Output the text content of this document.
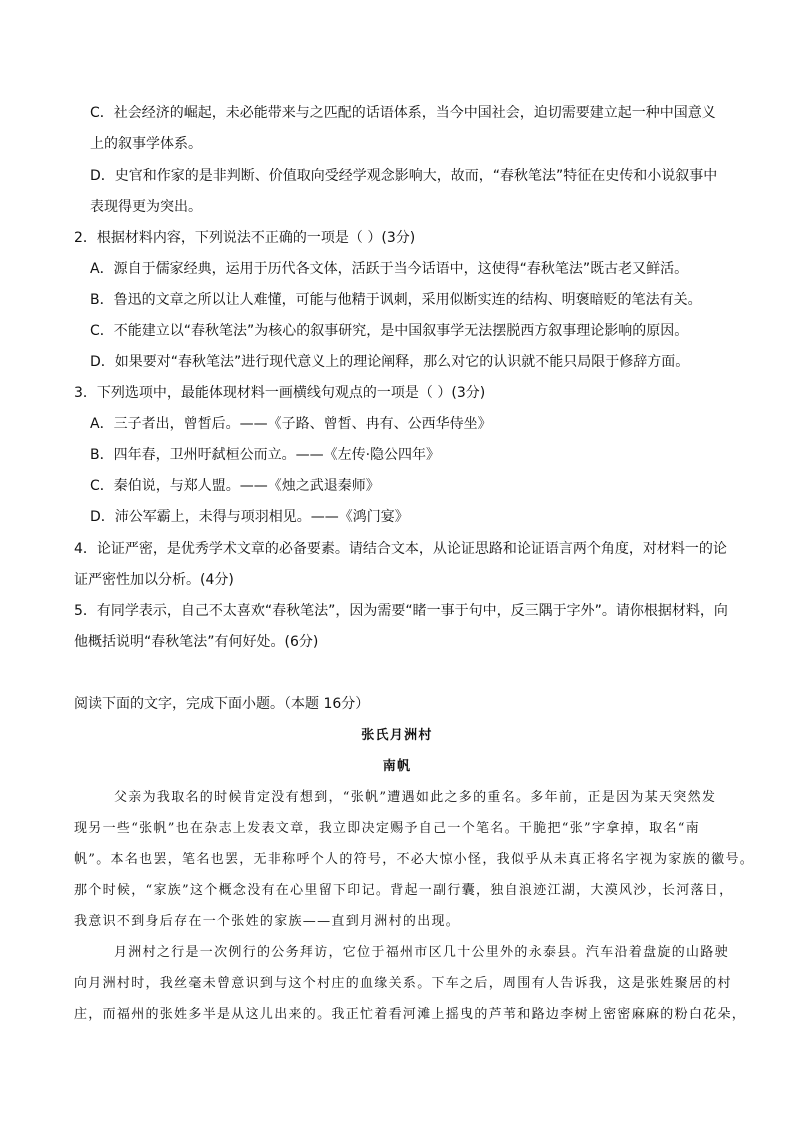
C．社会经济的崛起，未必能带来与之匹配的话语体系，当今中国社会，迫切需要建立起一种中国意义
上的叙事学体系。
D．史官和作家的是非判断、价值取向受经学观念影响大，故而，“春秋笔法”特征在史传和小说叙事中
表现得更为突出。
2．根据材料内容，下列说法不正确的一项是（ ）(3分)
A．源自于儒家经典，运用于历代各文体，活跃于当今话语中，这使得“春秋笔法”既古老又鲜活。
B．鲁迅的文章之所以让人难懂，可能与他精于讽刺，采用似断实连的结构、明褒暗贬的笔法有关。
C．不能建立以“春秋笔法”为核心的叙事研究，是中国叙事学无法摆脱西方叙事理论影响的原因。
D．如果要对“春秋笔法”进行现代意义上的理论阐释，那么对它的认识就不能只局限于修辞方面。
3．下列选项中，最能体现材料一画横线句观点的一项是（ ）(3分)
A．三子者出，曾皙后。——《子路、曾皙、冉有、公西华侍坐》
B．四年春，卫州吁弑桓公而立。——《左传·隐公四年》
C．秦伯说，与郑人盟。——《烛之武退秦师》
D．沛公军霸上，未得与项羽相见。——《鸿门宴》
4．论证严密，是优秀学术文章的必备要素。请结合文本，从论证思路和论证语言两个角度，对材料一的论
证严密性加以分析。(4分)
5．有同学表示，自己不太喜欢“春秋笔法”，因为需要“睹一事于句中，反三隅于字外”。请你根据材料，向
他概括说明“春秋笔法”有何好处。(6分)
阅读下面的文字，完成下面小题。（本题 16分）
张氏月洲村
南帆
父亲为我取名的时候肯定没有想到，“张帆”遭遇如此之多的重名。多年前，正是因为某天突然发
现另一些“张帆”也在杂志上发表文章，我立即决定赐予自己一个笔名。干脆把“张”字拿掉，取名“南
帆”。本名也罢，笔名也罢，无非称呼个人的符号，不必大惊小怪，我似乎从未真正将名字视为家族的徽号。
那个时候，“家族”这个概念没有在心里留下印记。背起一副行囊，独自浪迹江湖，大漠风沙，长河落日，
我意识不到身后存在一个张姓的家族——直到月洲村的出现。
月洲村之行是一次例行的公务拜访，它位于福州市区几十公里外的永泰县。汽车沿着盘旋的山路驶
向月洲村时，我丝毫未曾意识到与这个村庄的血缘关系。下车之后，周围有人告诉我，这是张姓聚居的村
庄，而福州的张姓多半是从这儿出来的。我正忙着看河滩上摇曳的芦苇和路边李树上密密麻麻的粉白花朵，
